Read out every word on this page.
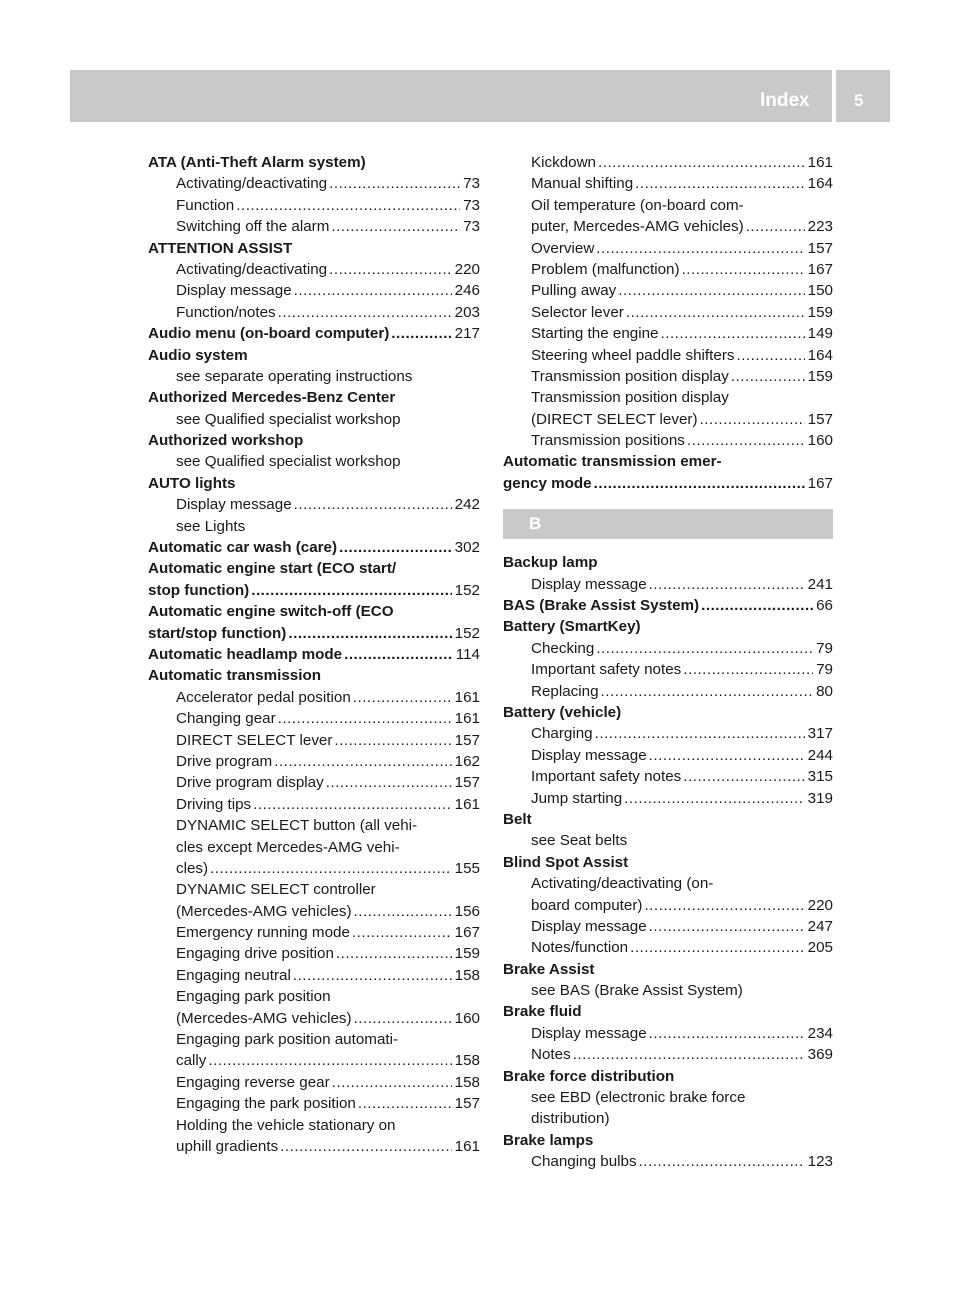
Index	5
ATA (Anti-Theft Alarm system)
Activating/deactivating .....	73
Function .....	73
Switching off the alarm .....	73
ATTENTION ASSIST
Activating/deactivating .....	220
Display message .....	246
Function/notes .....	203
Audio menu (on-board computer) .....	217
Audio system
see separate operating instructions
Authorized Mercedes-Benz Center
see Qualified specialist workshop
Authorized workshop
see Qualified specialist workshop
AUTO lights
Display message .....	242
see Lights
Automatic car wash (care) .....	302
Automatic engine start (ECO start/
stop function) .....	152
Automatic engine switch-off (ECO
start/stop function) .....	152
Automatic headlamp mode .....	114
Automatic transmission
Accelerator pedal position .....	161
Changing gear .....	161
DIRECT SELECT lever .....	157
Drive program .....	162
Drive program display .....	157
Driving tips .....	161
DYNAMIC SELECT button (all vehi-
cles except Mercedes-AMG vehi-
cles) .....	155
DYNAMIC SELECT controller
(Mercedes-AMG vehicles) .....	156
Emergency running mode .....	167
Engaging drive position .....	159
Engaging neutral .....	158
Engaging park position
(Mercedes-AMG vehicles) .....	160
Engaging park position automati-
cally .....	158
Engaging reverse gear .....	158
Engaging the park position .....	157
Holding the vehicle stationary on
uphill gradients .....	161
Kickdown .....	161
Manual shifting .....	164
Oil temperature (on-board com-
puter, Mercedes-AMG vehicles) .....	223
Overview .....	157
Problem (malfunction) .....	167
Pulling away .....	150
Selector lever .....	159
Starting the engine .....	149
Steering wheel paddle shifters .....	164
Transmission position display .....	159
Transmission position display
(DIRECT SELECT lever) .....	157
Transmission positions .....	160
Automatic transmission emer-
gency mode .....	167
B
Backup lamp
Display message .....	241
BAS (Brake Assist System) .....	66
Battery (SmartKey)
Checking .....	79
Important safety notes .....	79
Replacing .....	80
Battery (vehicle)
Charging .....	317
Display message .....	244
Important safety notes .....	315
Jump starting .....	319
Belt
see Seat belts
Blind Spot Assist
Activating/deactivating (on-
board computer) .....	220
Display message .....	247
Notes/function .....	205
Brake Assist
see BAS (Brake Assist System)
Brake fluid
Display message .....	234
Notes .....	369
Brake force distribution
see EBD (electronic brake force
distribution)
Brake lamps
Changing bulbs .....	123
